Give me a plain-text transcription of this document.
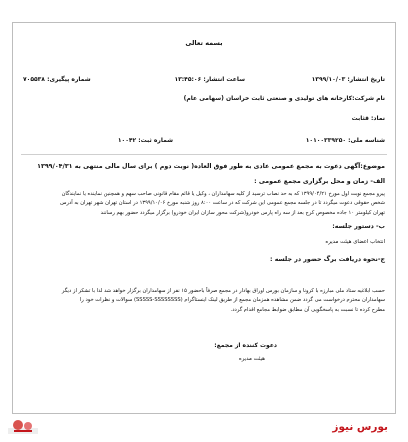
بسمه تعالی
تاریخ انتشار: ۱۳۹۹/۱۰/۰۳
ساعت انتشار: ۱۳:۴۵:۰۶
شماره پیگیری: ۷۰۵۵۳۸
نام شرکت:کارخانه های تولیدی و صنعتی ثابت خراسان (سهامی عام)
نماد: قثابت
شناسه ملی: ۱۰۱۰۰۳۳۹۲۵۰
شماره ثبت: ۱۰۰۴۲
موضوع:آگهی دعوت به مجمع عمومی عادی به طور فوق العاده( نوبت دوم ) برای سال مالی منتهی به ۱۳۹۹/۰۴/۳۱
الف- زمان و محل برگزاری مجمع عمومی :
پیرو مجمع نوبت اول مورخ ۱۳۹۹/۰۴/۲۱ که به حد نصاب ترسید از کلیه سهامداران ، وکیل یا قائم مقام قانونی صاحب سهم و همچنین نماینده یا نمایندگان
شخص حقوقی دعوت میگردد تا در جلسه مجمع عمومی این شرکت که در ساعت ۸:۰۰ روز شنبه مورخ ۱۳۹۹/۱۰/۰۶ در استان تهران شهر تهران به آدرس
تهران کیلومتر ۱۰ جاده مخصوص کرج بعد از سه راه پارس خودرو(شرکت محور سازان ایران خودرو) برگزار میگردد حضور بهم رسانند
ب- دستور جلسه:
انتخاب اعضای هیئت مدیره
ج-نحوه دریافت برگ حضور در جلسه :
حسب ابلاغیه ستاد ملی مبارزه با کرونا و سازمان بورس اوراق بهادار در مجمع صرفاً باحضور ۱۵ نفر از سهامداران برگزار خواهد شد لذا با تشکر از دیگر
سهامداران محترم درخواست می گردد ضمن مشاهده همزمان مجمع از طریق لینک اینستاگرام (SSSSS-SSSSSSSS) سوالات و نظرات خود را
مطرح کرده تا نسبت به پاسخگویی آن مطابق ضوابط مجامع اقدام گردد.
دعوت کننده از مجمع:
هیئت مدیره
بورس نیوز
